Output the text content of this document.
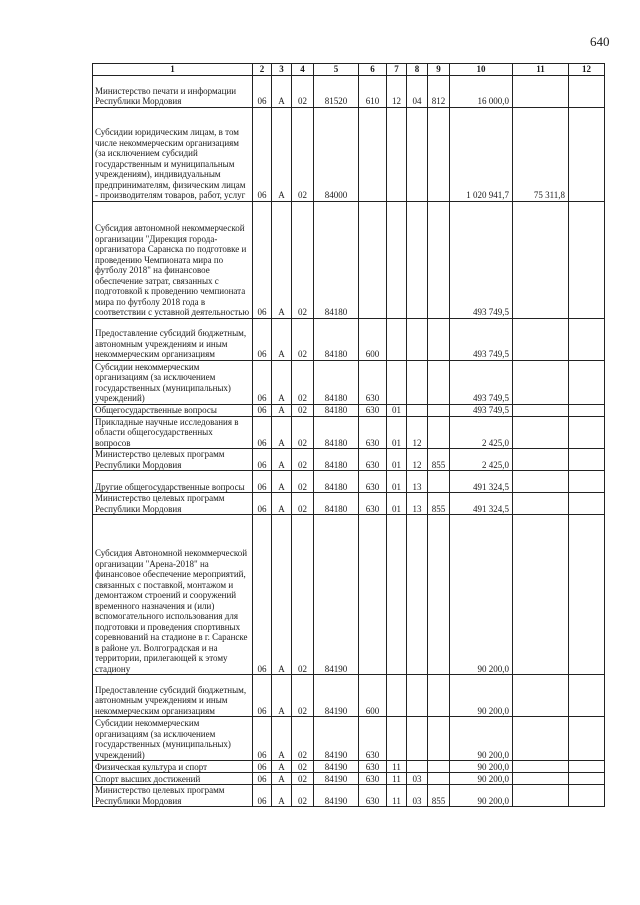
640
1	2	3	4	5	6	7	8	9	10	11	12
Министерство печати и информации Республики Мордовия	06	А	02	81520	610	12	04	812	16 000,0		
Субсидии юридическим лицам, в том числе некоммерческим организациям (за исключением субсидий государственным и муниципальным учреждениям), индивидуальным предпринимателям, физическим лицам - производителям товаров, работ, услуг	06	А	02	84000					1 020 941,7	75 311,8	
Субсидия автономной некоммерческой организации "Дирекция города-организатора Саранска по подготовке и проведению Чемпионата мира по футболу 2018" на финансовое обеспечение затрат, связанных с подготовкой к проведению чемпионата мира по футболу 2018 года в соответствии с уставной деятельностью	06	А	02	84180					493 749,5		
Предоставление субсидий бюджетным, автономным учреждениям и иным некоммерческим организациям	06	А	02	84180	600				493 749,5		
Субсидии некоммерческим организациям (за исключением государственных (муниципальных) учреждений)	06	А	02	84180	630				493 749,5		
Общегосударственные вопросы	06	А	02	84180	630	01			493 749,5		
Прикладные научные исследования в области общегосударственных вопросов	06	А	02	84180	630	01	12		2 425,0		
Министерство целевых программ Республики Мордовия	06	А	02	84180	630	01	12	855	2 425,0		
Другие общегосударственные вопросы	06	А	02	84180	630	01	13		491 324,5		
Министерство целевых программ Республики Мордовия	06	А	02	84180	630	01	13	855	491 324,5		
Субсидия Автономной некоммерческой организации "Арена-2018" на финансовое обеспечение мероприятий, связанных с поставкой, монтажом и демонтажом строений и сооружений временного назначения и (или) вспомогательного использования для подготовки и проведения спортивных соревнований на стадионе в г. Саранске в районе ул. Волгоградская и на территории, прилегающей к этому стадиону	06	А	02	84190					90 200,0		
Предоставление субсидий бюджетным, автономным учреждениям и иным некоммерческим организациям	06	А	02	84190	600				90 200,0		
Субсидии некоммерческим организациям (за исключением государственных (муниципальных) учреждений)	06	А	02	84190	630				90 200,0		
Физическая культура и спорт	06	А	02	84190	630	11			90 200,0		
Спорт высших достижений	06	А	02	84190	630	11	03		90 200,0		
Министерство целевых программ Республики Мордовия	06	А	02	84190	630	11	03	855	90 200,0		
